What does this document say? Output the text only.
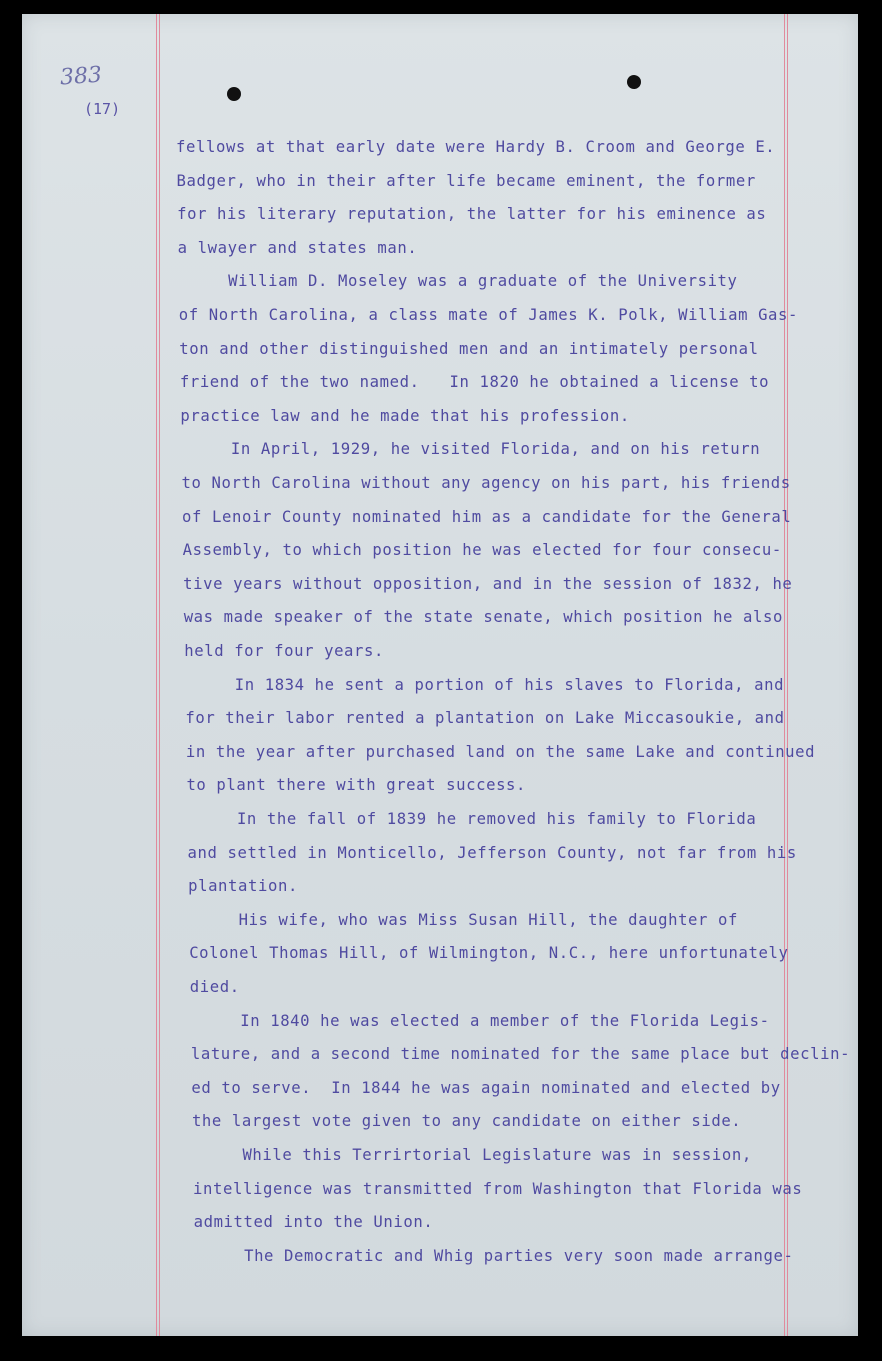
383
(17)
fellows at that early date were Hardy B. Croom and George E.
Badger, who in their after life became eminent, the former
for his literary reputation, the latter for his eminence as
a lwayer and states man.
William D. Moseley was a graduate of the University
of North Carolina, a class mate of James K. Polk, William Gas-
ton and other distinguished men and an intimately personal
friend of the two named.   In 1820 he obtained a license to
practice law and he made that his profession.
In April, 1929, he visited Florida, and on his return
to North Carolina without any agency on his part, his friends
of Lenoir County nominated him as a candidate for the General
Assembly, to which position he was elected for four consecu-
tive years without opposition, and in the session of 1832, he
was made speaker of the state senate, which position he also
held for four years.
In 1834 he sent a portion of his slaves to Florida, and
for their labor rented a plantation on Lake Miccasoukie, and
in the year after purchased land on the same Lake and continued
to plant there with great success.
In the fall of 1839 he removed his family to Florida
and settled in Monticello, Jefferson County, not far from his
plantation.
His wife, who was Miss Susan Hill, the daughter of
Colonel Thomas Hill, of Wilmington, N.C., here unfortunately
died.
In 1840 he was elected a member of the Florida Legis-
lature, and a second time nominated for the same place but declin-
ed to serve.  In 1844 he was again nominated and elected by
the largest vote given to any candidate on either side.
While this Terrirtorial Legislature was in session,
intelligence was transmitted from Washington that Florida was
admitted into the Union.
The Democratic and Whig parties very soon made arrange-
